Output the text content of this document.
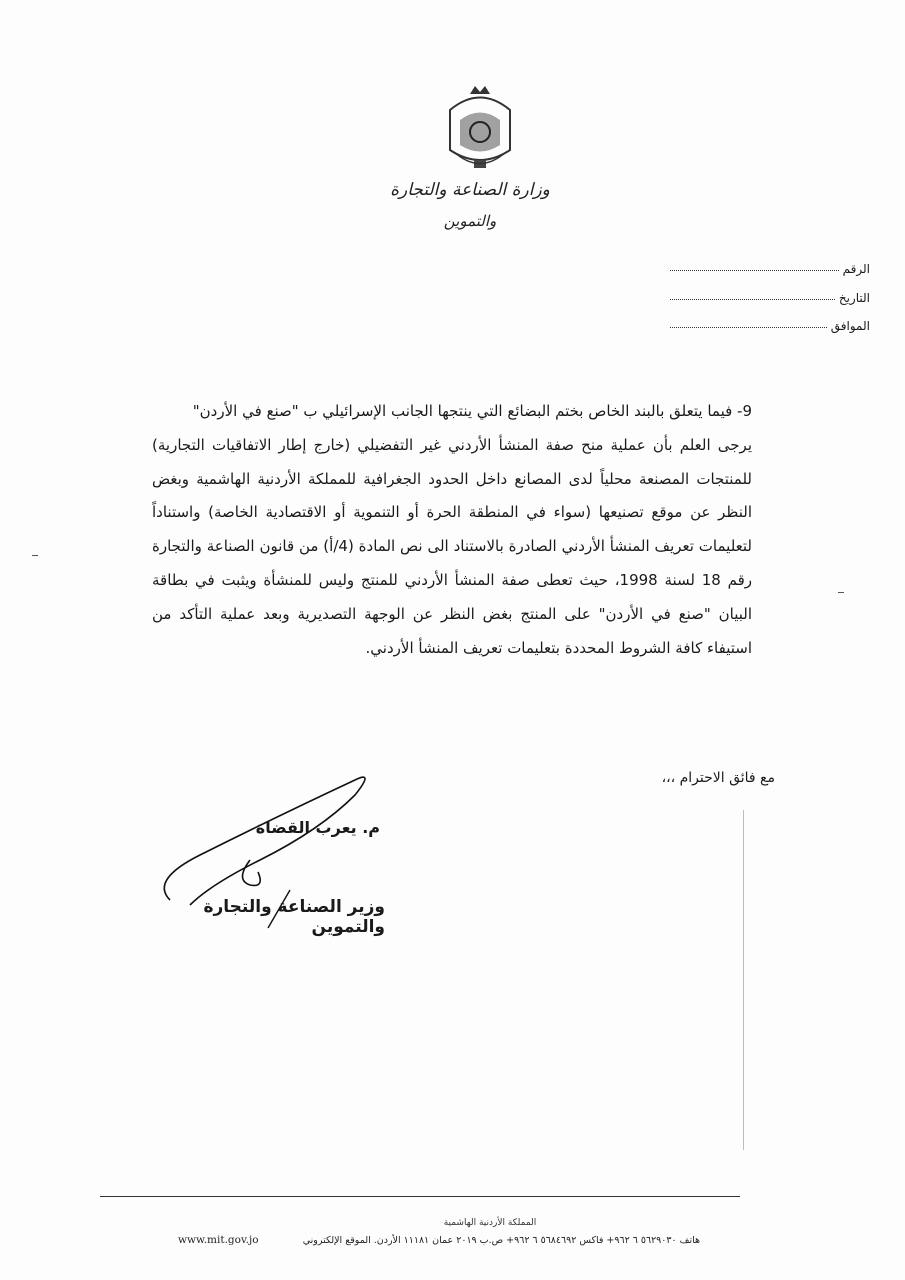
وزارة الصناعة والتجارة
والتموين
الرقم
التاريخ
الموافق

9- فيما يتعلق بالبند الخاص بختم البضائع التي ينتجها الجانب الإسرائيلي ب "صنع في الأردن"

يرجى العلم بأن عملية منح صفة المنشأ الأردني غير التفضيلي (خارج إطار الاتفاقيات التجارية) للمنتجات المصنعة محلياً لدى المصانع داخل الحدود الجغرافية للمملكة الأردنية الهاشمية وبغض النظر عن موقع تصنيعها (سواء في المنطقة الحرة أو التنموية أو الاقتصادية الخاصة) واستناداً لتعليمات تعريف المنشأ الأردني الصادرة بالاستناد الى نص المادة (4/أ) من قانون الصناعة والتجارة رقم 18 لسنة 1998، حيث تعطى صفة المنشأ الأردني للمنتج وليس للمنشأة ويثبت في بطاقة البيان "صنع في الأردن" على المنتج بغض النظر عن الوجهة التصديرية وبعد عملية التأكد من استيفاء كافة الشروط المحددة بتعليمات تعريف المنشأ الأردني.

مع فائق الاحترام ،،،
م. يعرب القضاة
وزير الصناعة والتجارة والتموين
المملكة الأردنية الهاشمية
هاتف ٥٦٢٩٠٣٠ ٦ ٩٦٢+ فاكس ٥٦٨٤٦٩٢ ٦ ٩٦٢+ ص.ب ٢٠١٩ عمان ١١١٨١ الأردن. الموقع الإلكتروني
www.mit.gov.jo
